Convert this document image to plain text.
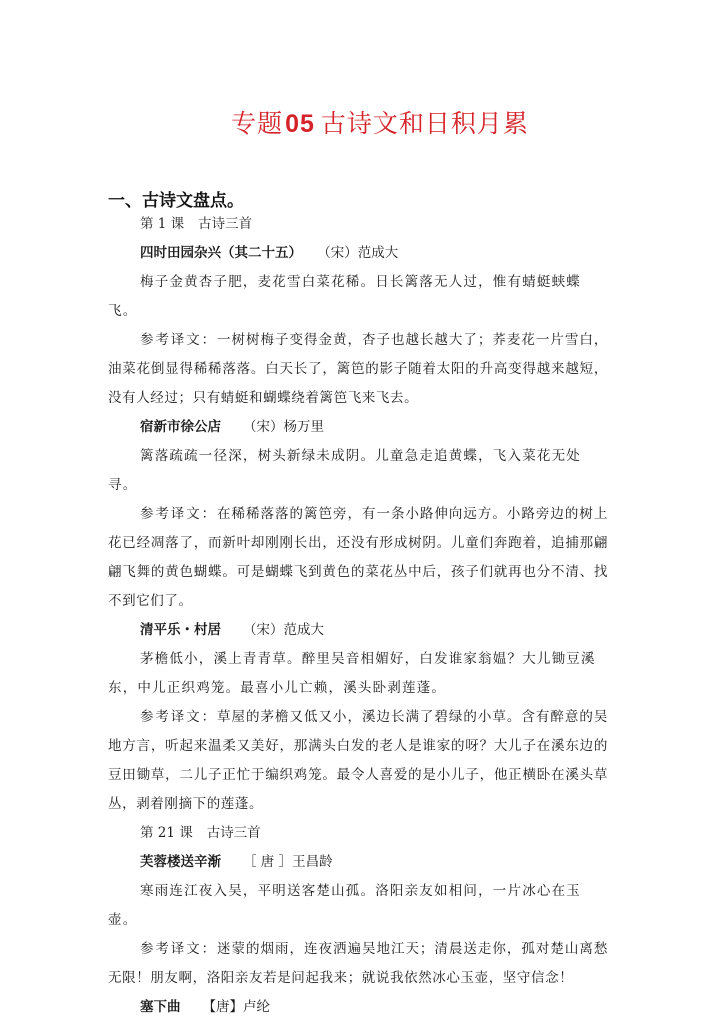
专题05 古诗文和日积月累
一、古诗文盘点。
第 1 课 古诗三首
四时田园杂兴（其二十五） （宋）范成大
梅子金黄杏子肥，麦花雪白菜花稀。日长篱落无人过，惟有蜻蜓蛱蝶飞。
参考译文：一树树梅子变得金黄，杏子也越长越大了；荞麦花一片雪白，油菜花倒显得稀稀落落。白天长了，篱笆的影子随着太阳的升高变得越来越短，没有人经过；只有蜻蜓和蝴蝶绕着篱笆飞来飞去。
宿新市徐公店 （宋）杨万里
篱落疏疏一径深，树头新绿未成阴。儿童急走追黄蝶，飞入菜花无处寻。
参考译文：在稀稀落落的篱笆旁，有一条小路伸向远方。小路旁边的树上花已经凋落了，而新叶却刚刚长出，还没有形成树阴。儿童们奔跑着，追捕那翩翩飞舞的黄色蝴蝶。可是蝴蝶飞到黄色的菜花丛中后，孩子们就再也分不清、找不到它们了。
清平乐・村居 （宋）范成大
茅檐低小，溪上青青草。醉里吴音相媚好，白发谁家翁媪？大儿锄豆溪东，中儿正织鸡笼。最喜小儿亡赖，溪头卧剥莲蓬。
参考译文：草屋的茅檐又低又小，溪边长满了碧绿的小草。含有醉意的吴地方言，听起来温柔又美好，那满头白发的老人是谁家的呀？大儿子在溪东边的豆田锄草，二儿子正忙于编织鸡笼。最令人喜爱的是小儿子，他正横卧在溪头草丛，剥着刚摘下的莲蓬。
第 21 课 古诗三首
芙蓉楼送辛渐 ［ 唐 ］王昌龄
寒雨连江夜入吴，平明送客楚山孤。洛阳亲友如相问，一片冰心在玉壶。
参考译文：迷蒙的烟雨，连夜洒遍吴地江天；清晨送走你，孤对楚山离愁无限！朋友啊，洛阳亲友若是问起我来；就说我依然冰心玉壶，坚守信念！
塞下曲 【唐】卢纶
